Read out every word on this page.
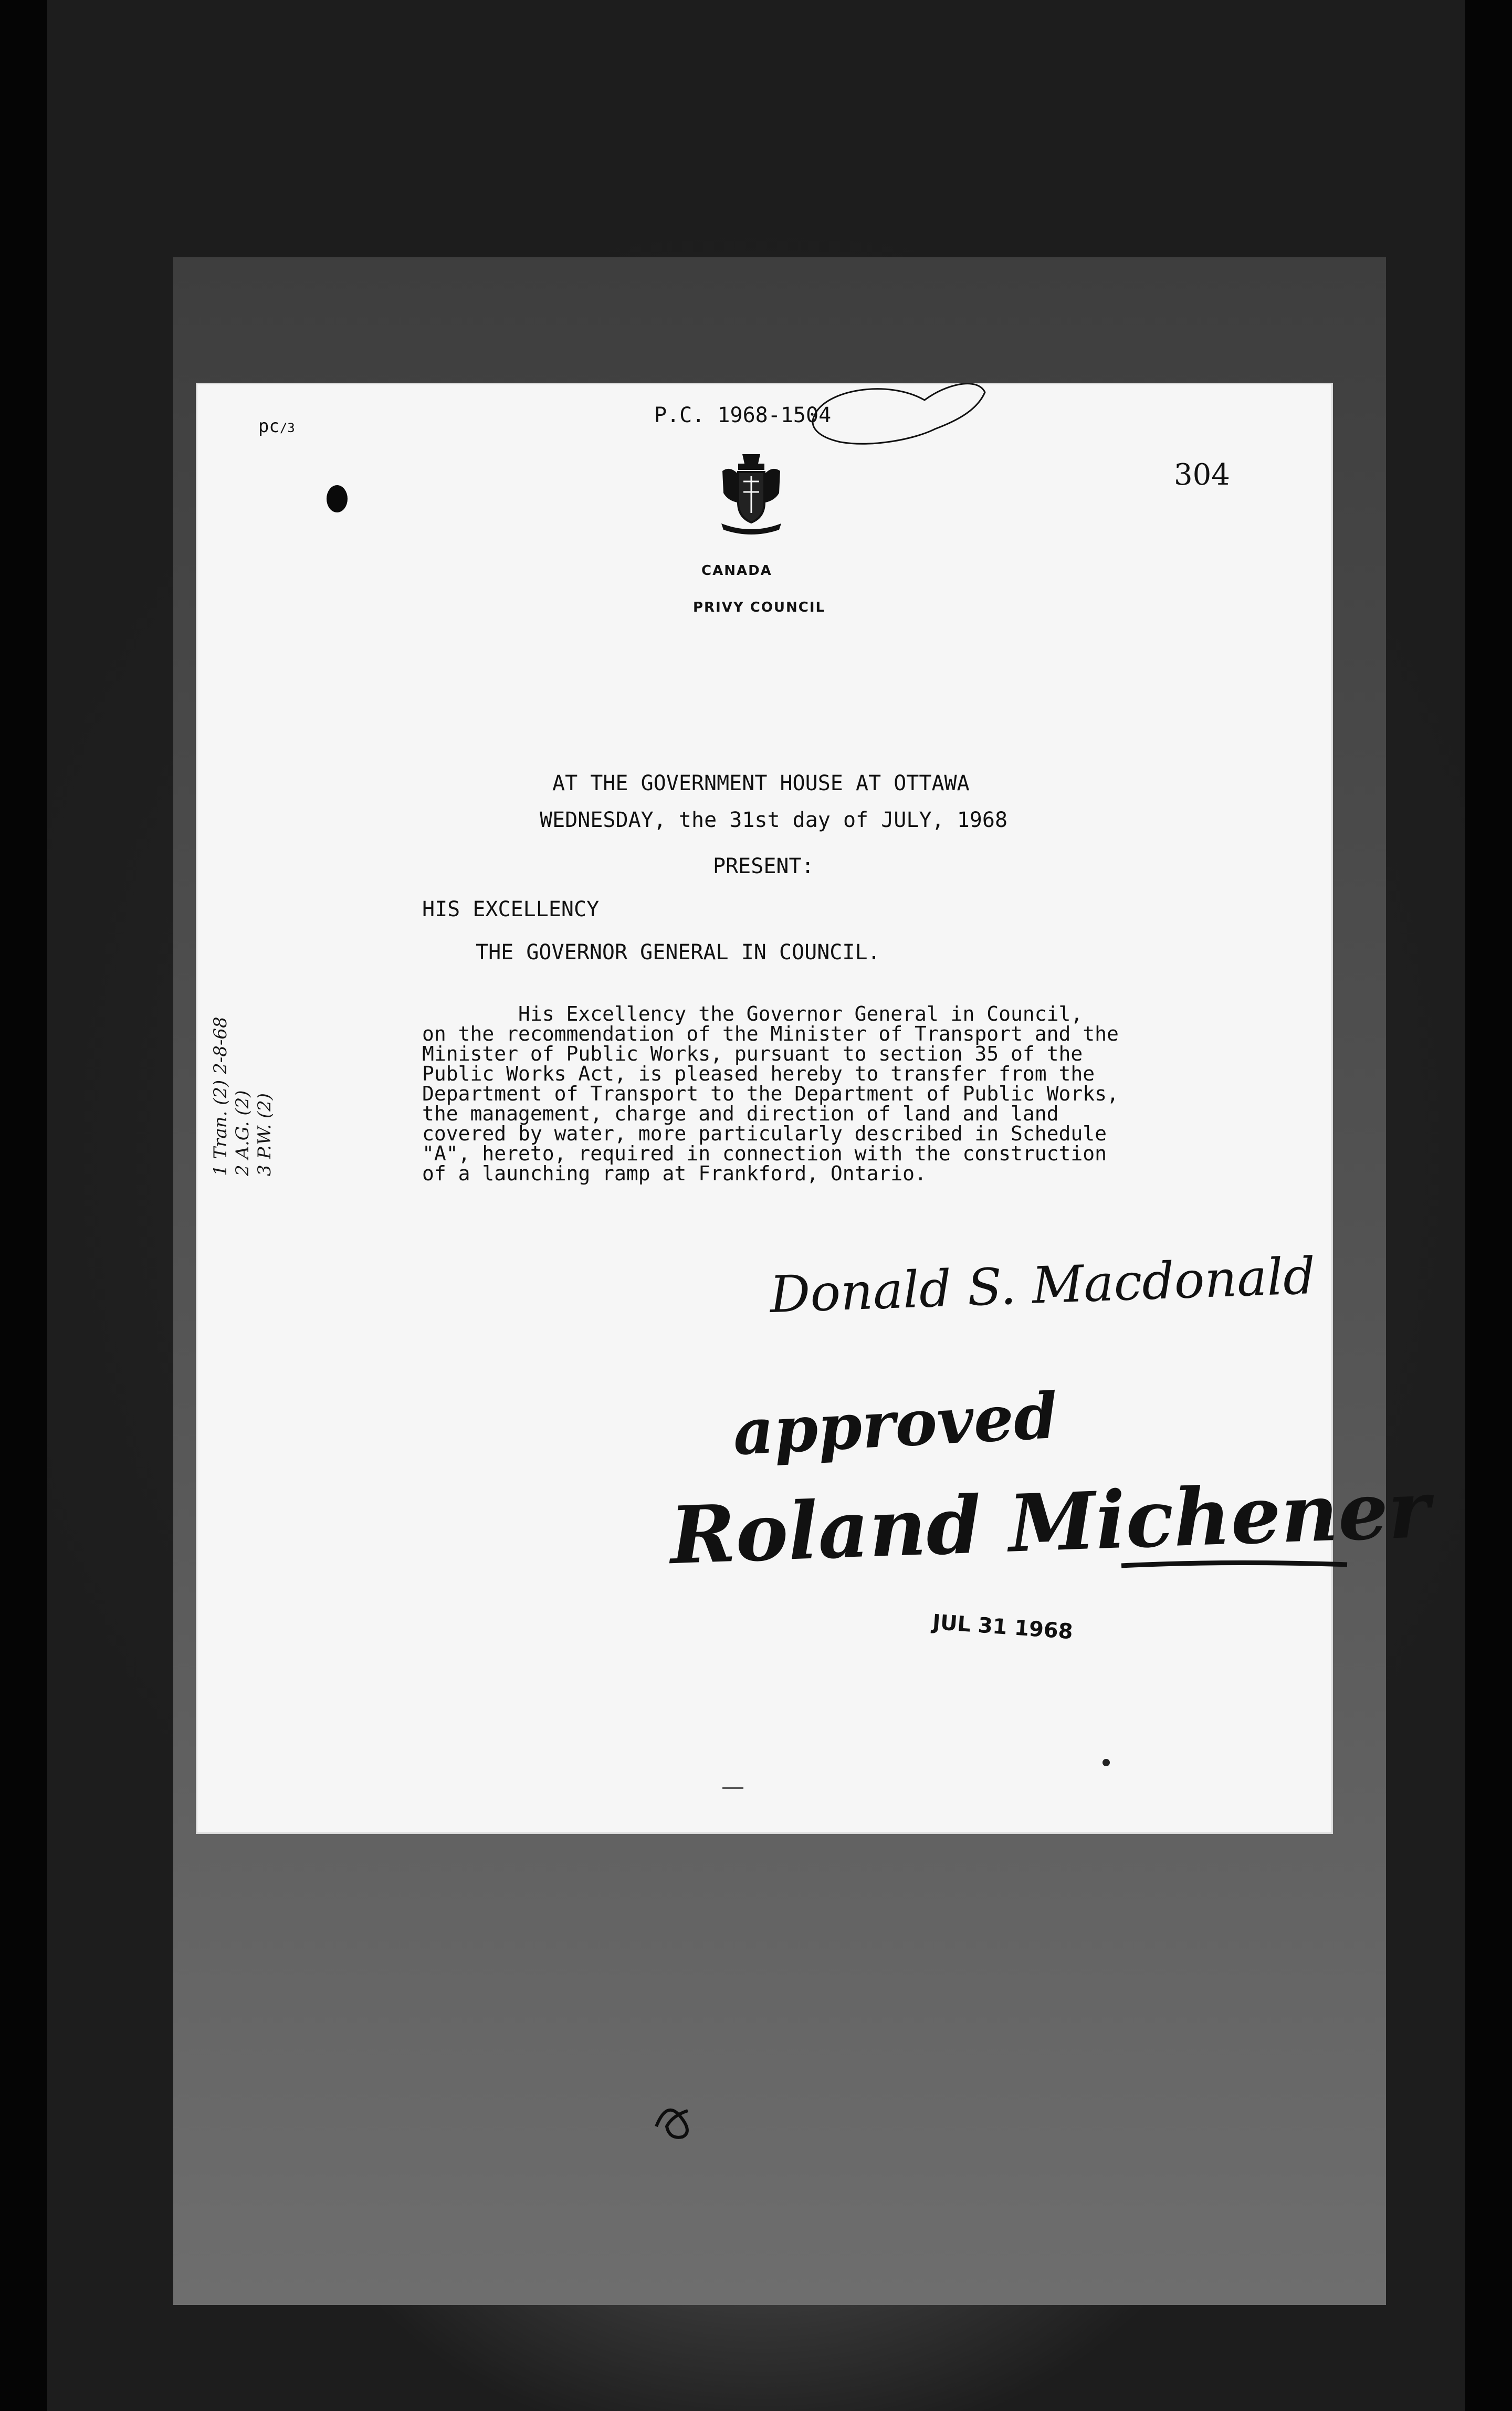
pc/3

P.C. 1968-1504
304
CANADA
PRIVY COUNCIL
AT THE GOVERNMENT HOUSE AT OTTAWA
WEDNESDAY, the 31st day of JULY, 1968
PRESENT:
HIS EXCELLENCY
THE GOVERNOR GENERAL IN COUNCIL.
His Excellency the Governor General in Council,
on the recommendation of the Minister of Transport and the
Minister of Public Works, pursuant to section 35 of the
Public Works Act, is pleased hereby to transfer from the
Department of Transport to the Department of Public Works,
the management, charge and direction of land and land
covered by water, more particularly described in Schedule
"A", hereto, required in connection with the construction
of a launching ramp at Frankford, Ontario.
Donald S. Macdonald
approved
Roland Michener
JUL 31 1968
1 Tran. (2) 2-8-68 2 A.G. (2) 3 P.W. (2)
